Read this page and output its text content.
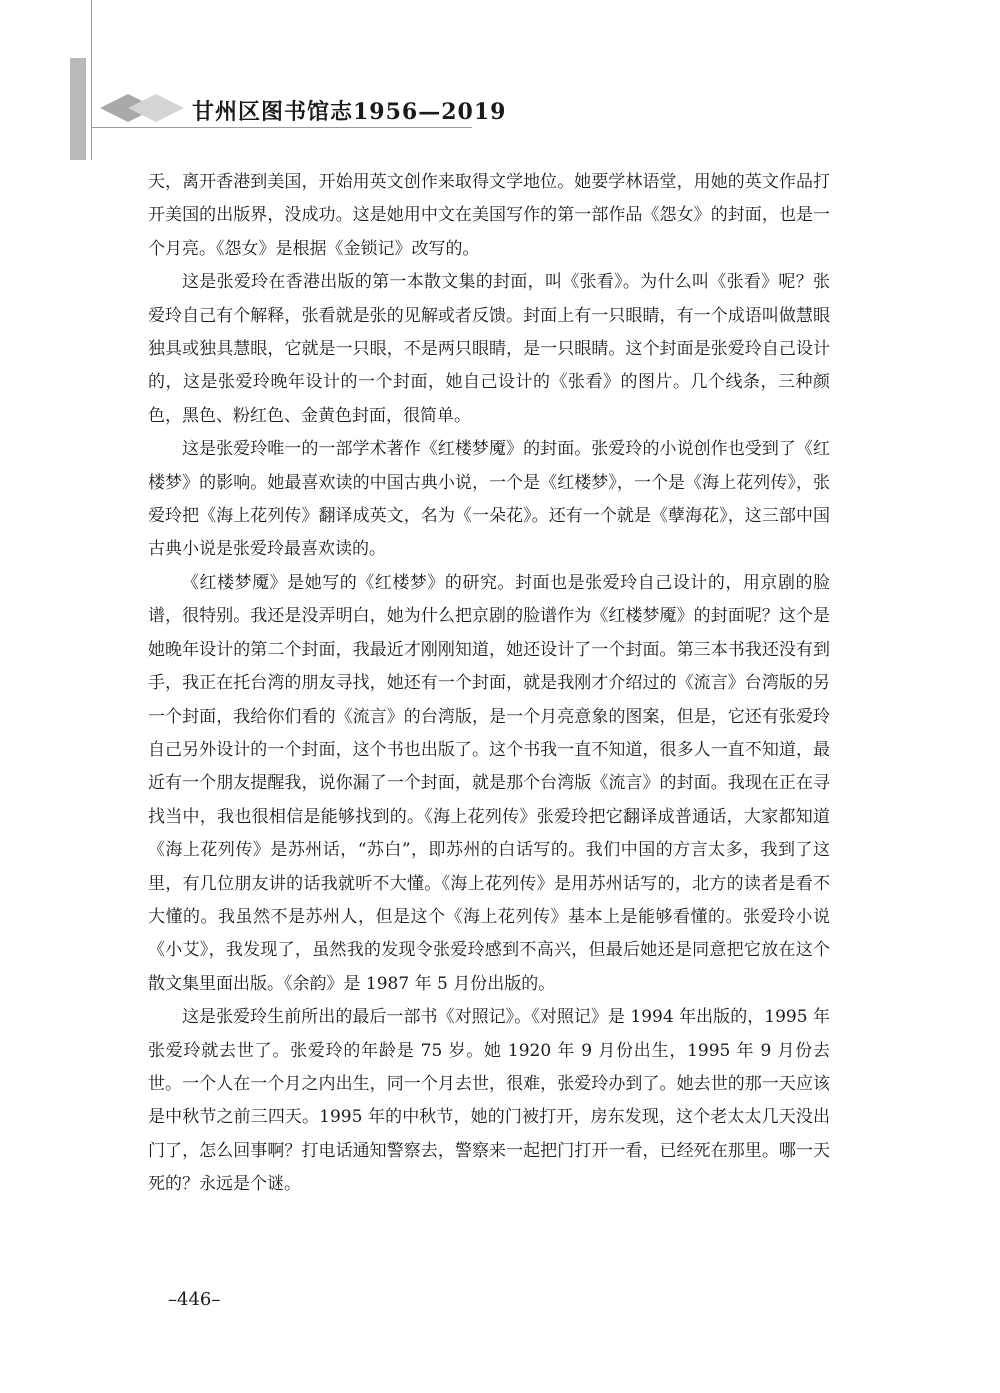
甘州区图书馆志1956—2019

天，离开香港到美国，开始用英文创作来取得文学地位。她要学林语堂，用她的英文作品打开美国的出版界，没成功。这是她用中文在美国写作的第一部作品《怨女》的封面，也是一个月亮。《怨女》是根据《金锁记》改写的。

这是张爱玲在香港出版的第一本散文集的封面，叫《张看》。为什么叫《张看》呢？张爱玲自己有个解释，张看就是张的见解或者反馈。封面上有一只眼睛，有一个成语叫做慧眼独具或独具慧眼，它就是一只眼，不是两只眼睛，是一只眼睛。这个封面是张爱玲自己设计的，这是张爱玲晚年设计的一个封面，她自己设计的《张看》的图片。几个线条，三种颜色，黑色、粉红色、金黄色封面，很简单。

这是张爱玲唯一的一部学术著作《红楼梦魇》的封面。张爱玲的小说创作也受到了《红楼梦》的影响。她最喜欢读的中国古典小说，一个是《红楼梦》，一个是《海上花列传》，张爱玲把《海上花列传》翻译成英文，名为《一朵花》。还有一个就是《孽海花》，这三部中国古典小说是张爱玲最喜欢读的。

《红楼梦魇》是她写的《红楼梦》的研究。封面也是张爱玲自己设计的，用京剧的脸谱，很特别。我还是没弄明白，她为什么把京剧的脸谱作为《红楼梦魇》的封面呢？这个是她晚年设计的第二个封面，我最近才刚刚知道，她还设计了一个封面。第三本书我还没有到手，我正在托台湾的朋友寻找，她还有一个封面，就是我刚才介绍过的《流言》台湾版的另一个封面，我给你们看的《流言》的台湾版，是一个月亮意象的图案，但是，它还有张爱玲自己另外设计的一个封面，这个书也出版了。这个书我一直不知道，很多人一直不知道，最近有一个朋友提醒我，说你漏了一个封面，就是那个台湾版《流言》的封面。我现在正在寻找当中，我也很相信是能够找到的。《海上花列传》张爱玲把它翻译成普通话，大家都知道《海上花列传》是苏州话，“苏白”，即苏州的白话写的。我们中国的方言太多，我到了这里，有几位朋友讲的话我就听不大懂。《海上花列传》是用苏州话写的，北方的读者是看不大懂的。我虽然不是苏州人，但是这个《海上花列传》基本上是能够看懂的。张爱玲小说《小艾》，我发现了，虽然我的发现令张爱玲感到不高兴，但最后她还是同意把它放在这个散文集里面出版。《余韵》是 1987 年 5 月份出版的。

这是张爱玲生前所出的最后一部书《对照记》。《对照记》是 1994 年出版的，1995 年张爱玲就去世了。张爱玲的年龄是 75 岁。她 1920 年 9 月份出生，1995 年 9 月份去世。一个人在一个月之内出生，同一个月去世，很难，张爱玲办到了。她去世的那一天应该是中秋节之前三四天。1995 年的中秋节，她的门被打开，房东发现，这个老太太几天没出门了，怎么回事啊？打电话通知警察去，警察来一起把门打开一看，已经死在那里。哪一天死的？永远是个谜。

–446–
